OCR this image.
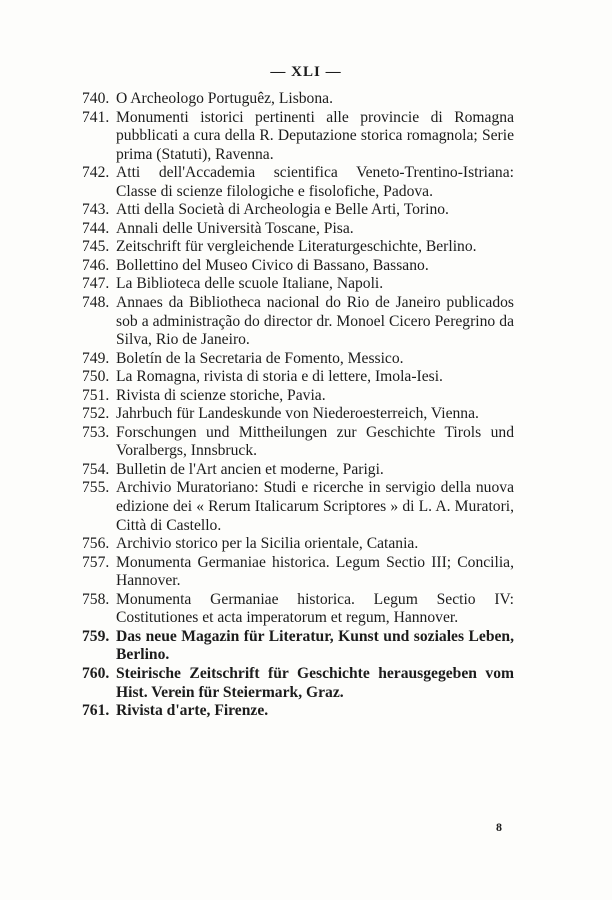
— XLI —
740. O Archeologo Portuguêz, Lisbona.
741. Monumenti istorici pertinenti alle provincie di Romagna pubblicati a cura della R. Deputazione storica romagnola; Serie prima (Statuti), Ravenna.
742. Atti dell'Accademia scientifica Veneto-Trentino-Istriana: Classe di scienze filologiche e fisolofiche, Padova.
743. Atti della Società di Archeologia e Belle Arti, Torino.
744. Annali delle Università Toscane, Pisa.
745. Zeitschrift für vergleichende Literaturgeschichte, Berlino.
746. Bollettino del Museo Civico di Bassano, Bassano.
747. La Biblioteca delle scuole Italiane, Napoli.
748. Annaes da Bibliotheca nacional do Rio de Janeiro publicados sob a administração do director dr. Monoel Cicero Peregrino da Silva, Rio de Janeiro.
749. Boletín de la Secretaria de Fomento, Messico.
750. La Romagna, rivista di storia e di lettere, Imola-Iesi.
751. Rivista di scienze storiche, Pavia.
752. Jahrbuch für Landeskunde von Niederoesterreich, Vienna.
753. Forschungen und Mittheilungen zur Geschichte Tirols und Voralbergs, Innsbruck.
754. Bulletin de l'Art ancien et moderne, Parigi.
755. Archivio Muratoriano: Studi e ricerche in servigio della nuova edizione dei « Rerum Italicarum Scriptores » di L. A. Muratori, Città di Castello.
756. Archivio storico per la Sicilia orientale, Catania.
757. Monumenta Germaniae historica. Legum Sectio III; Concilia, Hannover.
758. Monumenta Germaniae historica. Legum Sectio IV: Costitutiones et acta imperatorum et regum, Hannover.
759. Das neue Magazin für Literatur, Kunst und soziales Leben, Berlino.
760. Steirische Zeitschrift für Geschichte herausgegeben vom Hist. Verein für Steiermark, Graz.
761. Rivista d'arte, Firenze.
8
